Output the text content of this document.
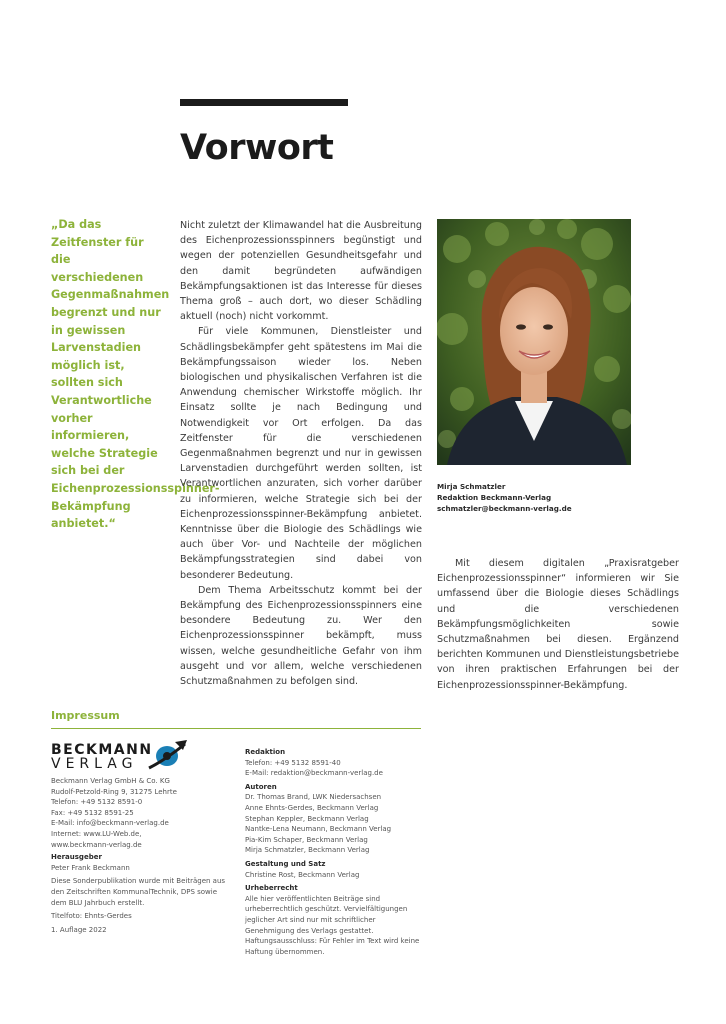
Vorwort
„Da das Zeitfenster für die verschiedenen Gegenmaßnahmen begrenzt und nur in gewissen Larvenstadien möglich ist, sollten sich Verantwortliche vorher informieren, welche Strategie sich bei der Eichenprozessionsspinner-Bekämpfung anbietet.“

Nicht zuletzt der Klimawandel hat die Ausbreitung des Eichenprozessionsspinners begünstigt und wegen der potenziellen Gesundheitsgefahr und den damit begründeten aufwändigen Bekämpfungsaktionen ist das Interesse für dieses Thema groß – auch dort, wo dieser Schädling aktuell (noch) nicht vorkommt.

Für viele Kommunen, Dienstleister und Schädlingsbekämpfer geht spätestens im Mai die Bekämpfungssaison wieder los. Neben biologischen und physikalischen Verfahren ist die Anwendung chemischer Wirkstoffe möglich. Ihr Einsatz sollte je nach Bedingung und Notwendigkeit vor Ort erfolgen. Da das Zeitfenster für die verschiedenen Gegenmaßnahmen begrenzt und nur in gewissen Larvenstadien durchgeführt werden sollten, ist Verantwortlichen anzuraten, sich vorher darüber zu informieren, welche Strategie sich bei der Eichenprozessionsspinner-Bekämpfung anbietet. Kenntnisse über die Biologie des Schädlings wie auch über Vor- und Nachteile der möglichen Bekämpfungsstrategien sind dabei von besonderer Bedeutung.

Dem Thema Arbeitsschutz kommt bei der Bekämpfung des Eichenprozessionsspinners eine besondere Bedeutung zu. Wer den Eichenprozessionsspinner bekämpft, muss wissen, welche gesundheitliche Gefahr von ihm ausgeht und vor allem, welche verschiedenen Schutzmaßnahmen zu befolgen sind.

Mirja Schmatzler
Redaktion Beckmann-Verlag
schmatzler@beckmann-verlag.de

Mit diesem digitalen „Praxisratgeber Eichenprozessionsspinner“ informieren wir Sie umfassend über die Biologie dieses Schädlings und die verschiedenen Bekämpfungsmöglichkeiten sowie Schutzmaßnahmen bei diesen. Ergänzend berichten Kommunen und Dienstleistungsbetriebe von ihren praktischen Erfahrungen bei der Eichenprozessionsspinner-Bekämpfung.

Impressum
BECKMANN
VERLAG
Beckmann Verlag GmbH & Co. KG
Rudolf-Petzold-Ring 9, 31275 Lehrte
Telefon: +49 5132 8591-0
Fax: +49 5132 8591-25
E-Mail: info@beckmann-verlag.de
Internet: www.LU-Web.de,
www.beckmann-verlag.de
Herausgeber
Peter Frank Beckmann
Diese Sonderpublikation wurde mit Beiträgen aus den Zeitschriften KommunalTechnik, DPS sowie dem BLU Jahrbuch erstellt.
Titelfoto: Ehnts-Gerdes
1. Auflage 2022
Redaktion
Telefon: +49 5132 8591-40
E-Mail: redaktion@beckmann-verlag.de
Autoren
Dr. Thomas Brand, LWK Niedersachsen
Anne Ehnts-Gerdes, Beckmann Verlag
Stephan Keppler, Beckmann Verlag
Nantke-Lena Neumann, Beckmann Verlag
Pia-Kim Schaper, Beckmann Verlag
Mirja Schmatzler, Beckmann Verlag
Gestaltung und Satz
Christine Rost, Beckmann Verlag
Urheberrecht
Alle hier veröffentlichten Beiträge sind urheberrechtlich geschützt. Vervielfältigungen jeglicher Art sind nur mit schriftlicher Genehmigung des Verlags gestattet. Haftungsausschluss: Für Fehler im Text wird keine Haftung übernommen.
